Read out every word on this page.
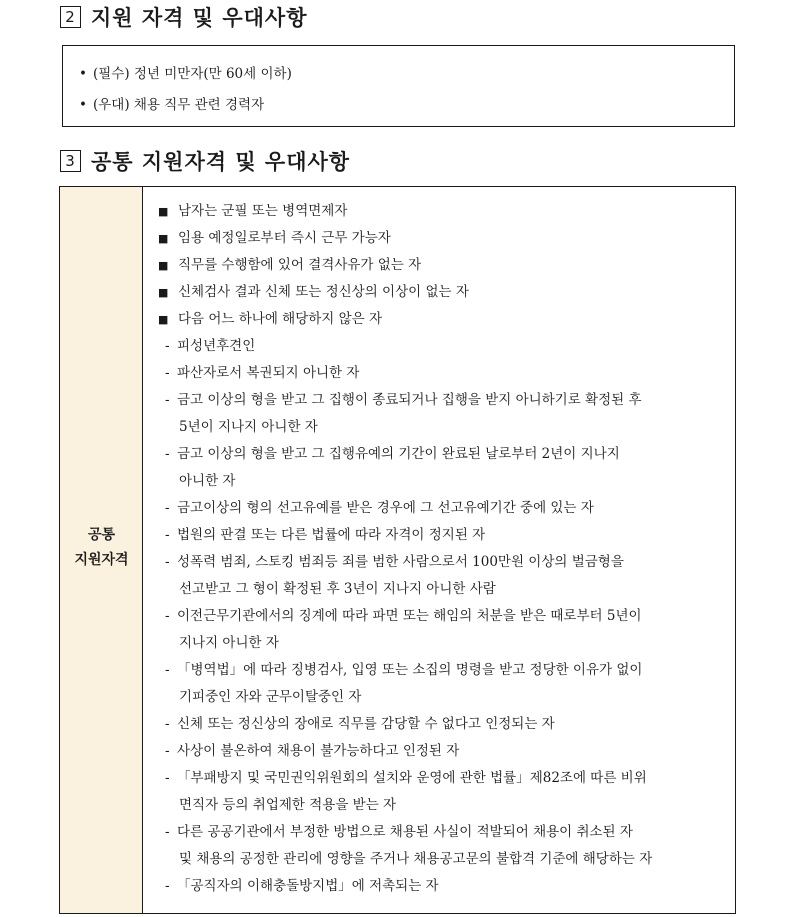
2 지원 자격 및 우대사항
• (필수) 정년 미만자(만 60세 이하)
• (우대) 채용 직무 관련 경력자
3 공통 지원자격 및 우대사항
공통
지원자격
■ 남자는 군필 또는 병역면제자
■ 임용 예정일로부터 즉시 근무 가능자
■ 직무를 수행함에 있어 결격사유가 없는 자
■ 신체검사 결과 신체 또는 정신상의 이상이 없는 자
■ 다음 어느 하나에 해당하지 않은 자
- 피성년후견인
- 파산자로서 복권되지 아니한 자
- 금고 이상의 형을 받고 그 집행이 종료되거나 집행을 받지 아니하기로 확정된 후
5년이 지나지 아니한 자
- 금고 이상의 형을 받고 그 집행유예의 기간이 완료된 날로부터 2년이 지나지
아니한 자
- 금고이상의 형의 선고유예를 받은 경우에 그 선고유예기간 중에 있는 자
- 법원의 판결 또는 다른 법률에 따라 자격이 정지된 자
- 성폭력 범죄, 스토킹 범죄등 죄를 범한 사람으로서 100만원 이상의 벌금형을
선고받고 그 형이 확정된 후 3년이 지나지 아니한 사람
- 이전근무기관에서의 징계에 따라 파면 또는 해임의 처분을 받은 때로부터 5년이
지나지 아니한 자
- 「병역법」에 따라 징병검사, 입영 또는 소집의 명령을 받고 정당한 이유가 없이
기피중인 자와 군무이탈중인 자
- 신체 또는 정신상의 장애로 직무를 감당할 수 없다고 인정되는 자
- 사상이 불온하여 채용이 불가능하다고 인정된 자
- 「부패방지 및 국민권익위원회의 설치와 운영에 관한 법률」제82조에 따른 비위
면직자 등의 취업제한 적용을 받는 자
- 다른 공공기관에서 부정한 방법으로 채용된 사실이 적발되어 채용이 취소된 자
및 채용의 공정한 관리에 영향을 주거나 채용공고문의 불합격 기준에 해당하는 자
- 「공직자의 이해충돌방지법」에 저촉되는 자
